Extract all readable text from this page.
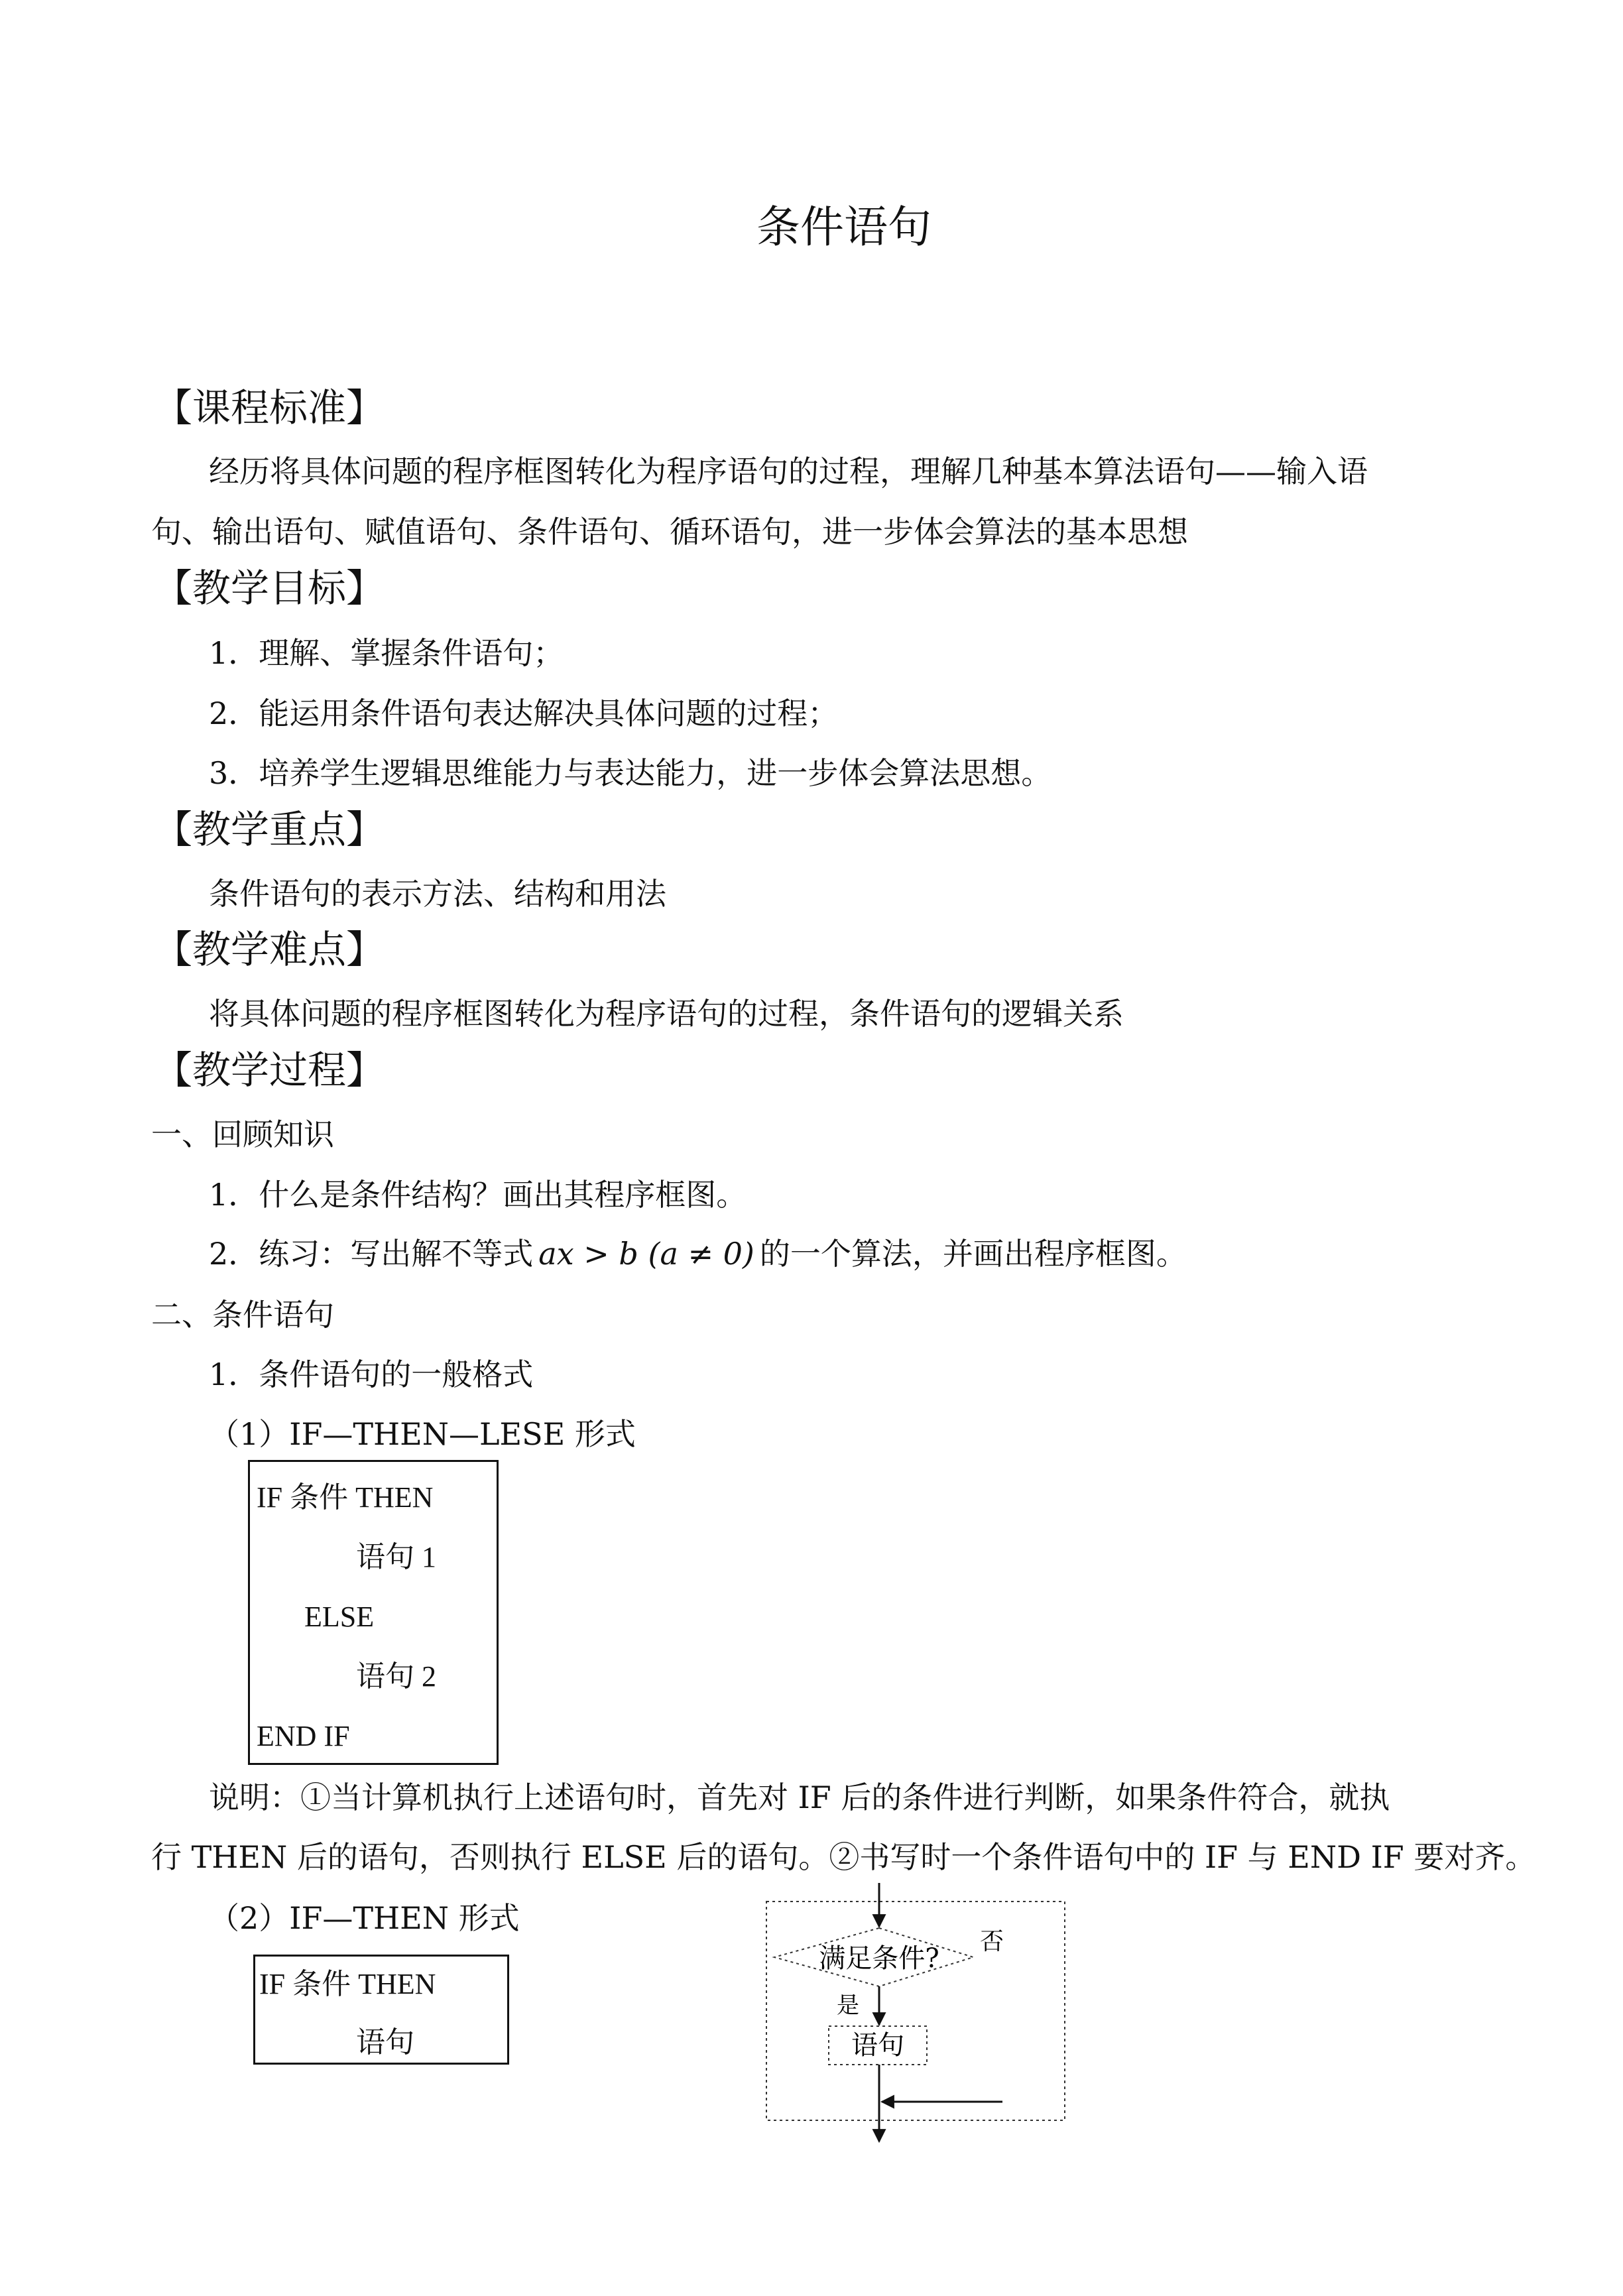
条件语句
【课程标准】
经历将具体问题的程序框图转化为程序语句的过程，理解几种基本算法语句——输入语
句、输出语句、赋值语句、条件语句、循环语句，进一步体会算法的基本思想
【教学目标】
1．理解、掌握条件语句；
2．能运用条件语句表达解决具体问题的过程；
3．培养学生逻辑思维能力与表达能力，进一步体会算法思想。
【教学重点】
条件语句的表示方法、结构和用法
【教学难点】
将具体问题的程序框图转化为程序语句的过程，条件语句的逻辑关系
【教学过程】
一、回顾知识
1．什么是条件结构？画出其程序框图。
2．练习：写出解不等式 ax > b (a ≠ 0) 的一个算法，并画出程序框图。
二、条件语句
1．条件语句的一般格式
（1）IF—THEN—LESE 形式
IF 条件 THEN
语句 1
ELSE
语句 2
END IF
说明：①当计算机执行上述语句时，首先对 IF 后的条件进行判断，如果条件符合，就执
行 THEN 后的语句，否则执行 ELSE 后的语句。②书写时一个条件语句中的 IF 与 END IF 要对齐。
（2）IF—THEN 形式
IF 条件 THEN
语句
满足条件?
否
是
语句
